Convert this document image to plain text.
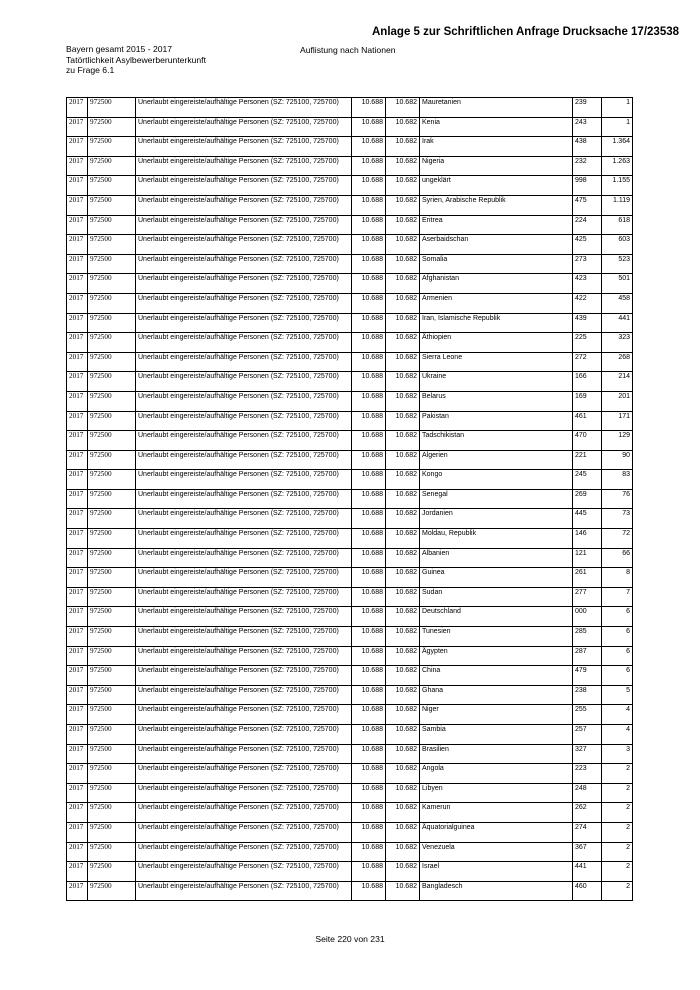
Anlage 5 zur Schriftlichen Anfrage Drucksache 17/23538
Bayern gesamt 2015 - 2017
Tatörtlichkeit Asylbewerberunterkunft
zu Frage 6.1
Auflistung nach Nationen
2017	972500	Unerlaubt eingereiste/aufhältige Personen (SZ: 725100, 725700)	10.688	10.682	Mauretanien	239	1
2017	972500	Unerlaubt eingereiste/aufhältige Personen (SZ: 725100, 725700)	10.688	10.682	Kenia	243	1
2017	972500	Unerlaubt eingereiste/aufhältige Personen (SZ: 725100, 725700)	10.688	10.682	Irak	438	1.364
2017	972500	Unerlaubt eingereiste/aufhältige Personen (SZ: 725100, 725700)	10.688	10.682	Nigeria	232	1.263
2017	972500	Unerlaubt eingereiste/aufhältige Personen (SZ: 725100, 725700)	10.688	10.682	ungeklärt	998	1.155
2017	972500	Unerlaubt eingereiste/aufhältige Personen (SZ: 725100, 725700)	10.688	10.682	Syrien, Arabische Republik	475	1.119
2017	972500	Unerlaubt eingereiste/aufhältige Personen (SZ: 725100, 725700)	10.688	10.682	Eritrea	224	618
2017	972500	Unerlaubt eingereiste/aufhältige Personen (SZ: 725100, 725700)	10.688	10.682	Aserbaidschan	425	603
2017	972500	Unerlaubt eingereiste/aufhältige Personen (SZ: 725100, 725700)	10.688	10.682	Somalia	273	523
2017	972500	Unerlaubt eingereiste/aufhältige Personen (SZ: 725100, 725700)	10.688	10.682	Afghanistan	423	501
2017	972500	Unerlaubt eingereiste/aufhältige Personen (SZ: 725100, 725700)	10.688	10.682	Armenien	422	458
2017	972500	Unerlaubt eingereiste/aufhältige Personen (SZ: 725100, 725700)	10.688	10.682	Iran, Islamische Republik	439	441
2017	972500	Unerlaubt eingereiste/aufhältige Personen (SZ: 725100, 725700)	10.688	10.682	Äthiopien	225	323
2017	972500	Unerlaubt eingereiste/aufhältige Personen (SZ: 725100, 725700)	10.688	10.682	Sierra Leone	272	268
2017	972500	Unerlaubt eingereiste/aufhältige Personen (SZ: 725100, 725700)	10.688	10.682	Ukraine	166	214
2017	972500	Unerlaubt eingereiste/aufhältige Personen (SZ: 725100, 725700)	10.688	10.682	Belarus	169	201
2017	972500	Unerlaubt eingereiste/aufhältige Personen (SZ: 725100, 725700)	10.688	10.682	Pakistan	461	171
2017	972500	Unerlaubt eingereiste/aufhältige Personen (SZ: 725100, 725700)	10.688	10.682	Tadschikistan	470	129
2017	972500	Unerlaubt eingereiste/aufhältige Personen (SZ: 725100, 725700)	10.688	10.682	Algerien	221	90
2017	972500	Unerlaubt eingereiste/aufhältige Personen (SZ: 725100, 725700)	10.688	10.682	Kongo	245	83
2017	972500	Unerlaubt eingereiste/aufhältige Personen (SZ: 725100, 725700)	10.688	10.682	Senegal	269	76
2017	972500	Unerlaubt eingereiste/aufhältige Personen (SZ: 725100, 725700)	10.688	10.682	Jordanien	445	73
2017	972500	Unerlaubt eingereiste/aufhältige Personen (SZ: 725100, 725700)	10.688	10.682	Moldau, Republik	146	72
2017	972500	Unerlaubt eingereiste/aufhältige Personen (SZ: 725100, 725700)	10.688	10.682	Albanien	121	66
2017	972500	Unerlaubt eingereiste/aufhältige Personen (SZ: 725100, 725700)	10.688	10.682	Guinea	261	8
2017	972500	Unerlaubt eingereiste/aufhältige Personen (SZ: 725100, 725700)	10.688	10.682	Sudan	277	7
2017	972500	Unerlaubt eingereiste/aufhältige Personen (SZ: 725100, 725700)	10.688	10.682	Deutschland	000	6
2017	972500	Unerlaubt eingereiste/aufhältige Personen (SZ: 725100, 725700)	10.688	10.682	Tunesien	285	6
2017	972500	Unerlaubt eingereiste/aufhältige Personen (SZ: 725100, 725700)	10.688	10.682	Ägypten	287	6
2017	972500	Unerlaubt eingereiste/aufhältige Personen (SZ: 725100, 725700)	10.688	10.682	China	479	6
2017	972500	Unerlaubt eingereiste/aufhältige Personen (SZ: 725100, 725700)	10.688	10.682	Ghana	238	5
2017	972500	Unerlaubt eingereiste/aufhältige Personen (SZ: 725100, 725700)	10.688	10.682	Niger	255	4
2017	972500	Unerlaubt eingereiste/aufhältige Personen (SZ: 725100, 725700)	10.688	10.682	Sambia	257	4
2017	972500	Unerlaubt eingereiste/aufhältige Personen (SZ: 725100, 725700)	10.688	10.682	Brasilien	327	3
2017	972500	Unerlaubt eingereiste/aufhältige Personen (SZ: 725100, 725700)	10.688	10.682	Angola	223	2
2017	972500	Unerlaubt eingereiste/aufhältige Personen (SZ: 725100, 725700)	10.688	10.682	Libyen	248	2
2017	972500	Unerlaubt eingereiste/aufhältige Personen (SZ: 725100, 725700)	10.688	10.682	Kamerun	262	2
2017	972500	Unerlaubt eingereiste/aufhältige Personen (SZ: 725100, 725700)	10.688	10.682	Äquatorialguinea	274	2
2017	972500	Unerlaubt eingereiste/aufhältige Personen (SZ: 725100, 725700)	10.688	10.682	Venezuela	367	2
2017	972500	Unerlaubt eingereiste/aufhältige Personen (SZ: 725100, 725700)	10.688	10.682	Israel	441	2
2017	972500	Unerlaubt eingereiste/aufhältige Personen (SZ: 725100, 725700)	10.688	10.682	Bangladesch	460	2
Seite 220 von 231
